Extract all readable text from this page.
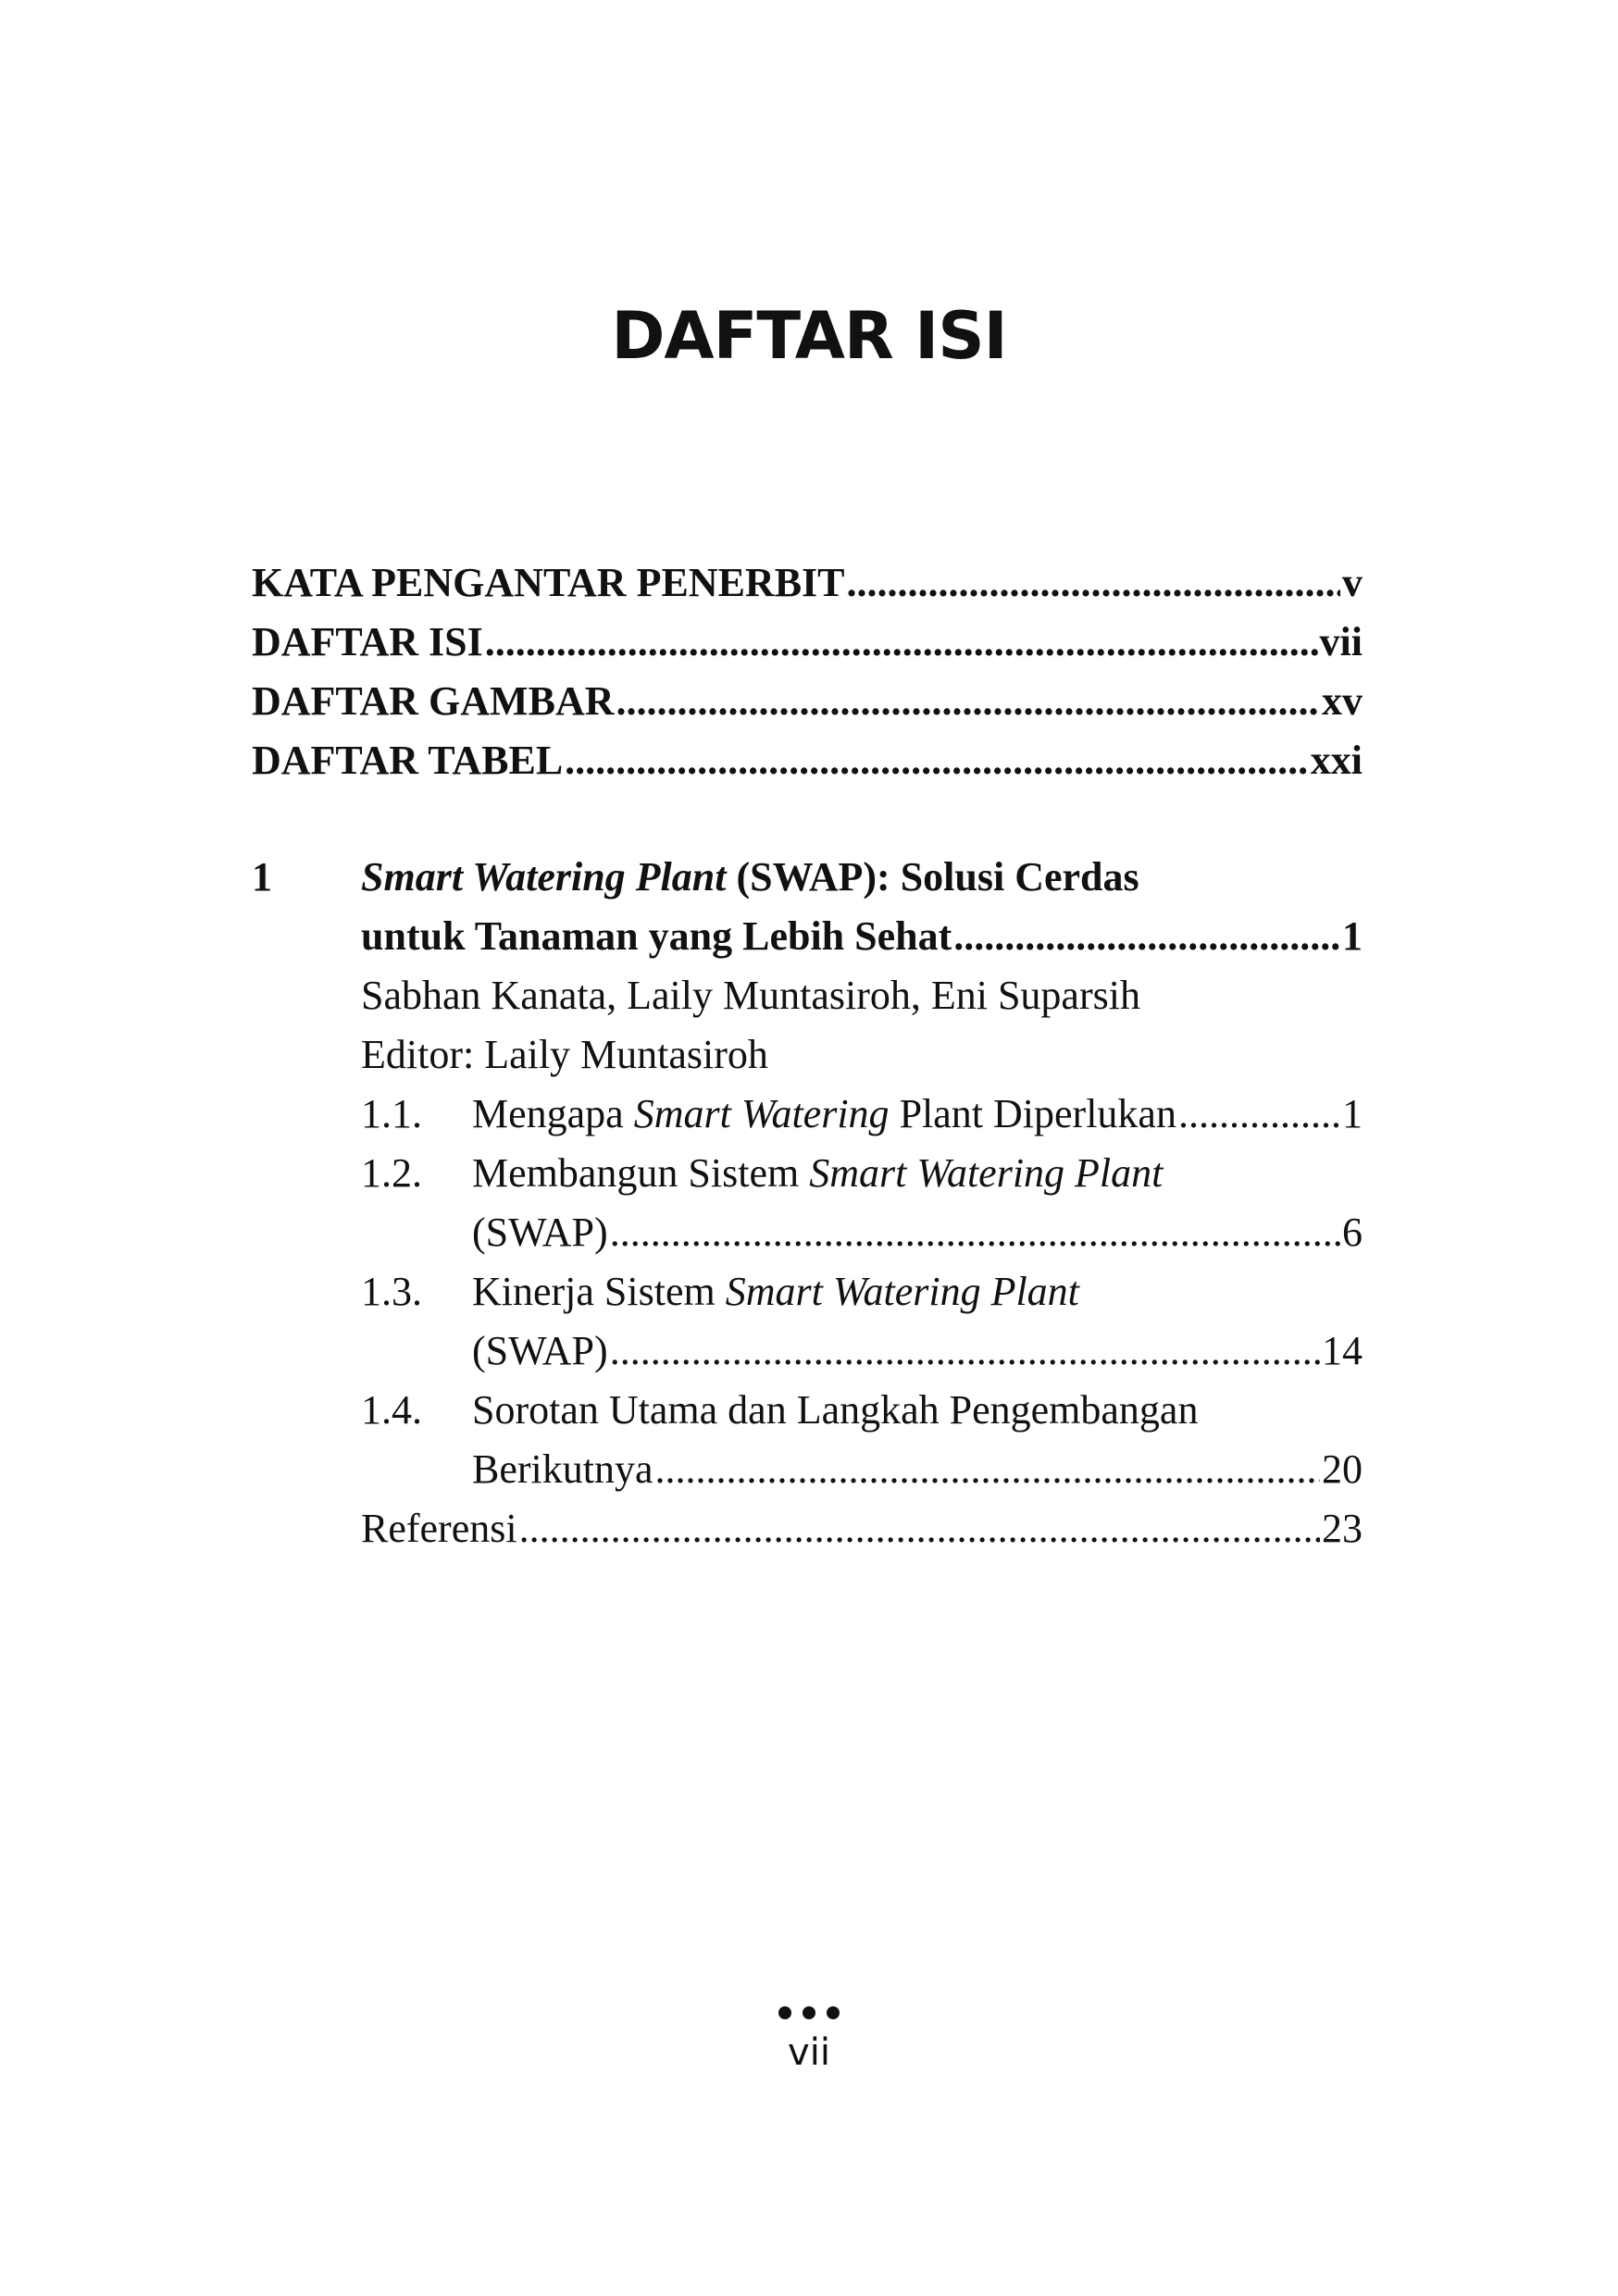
DAFTAR ISI
KATA PENGANTAR PENERBIT .....	v
DAFTAR ISI .....	vii
DAFTAR GAMBAR .....	xv
DAFTAR TABEL .....	xxi
1 Smart Watering Plant (SWAP): Solusi Cerdas
untuk Tanaman yang Lebih Sehat .....	1
Sabhan Kanata, Laily Muntasiroh, Eni Suparsih
Editor: Laily Muntasiroh
1.1. Mengapa Smart Watering Plant Diperlukan .....	1
1.2. Membangun Sistem Smart Watering Plant
(SWAP) .....	6
1.3. Kinerja Sistem Smart Watering Plant
(SWAP) .....	14
1.4. Sorotan Utama dan Langkah Pengembangan
Berikutnya .....	20
Referensi .....	23
vii
